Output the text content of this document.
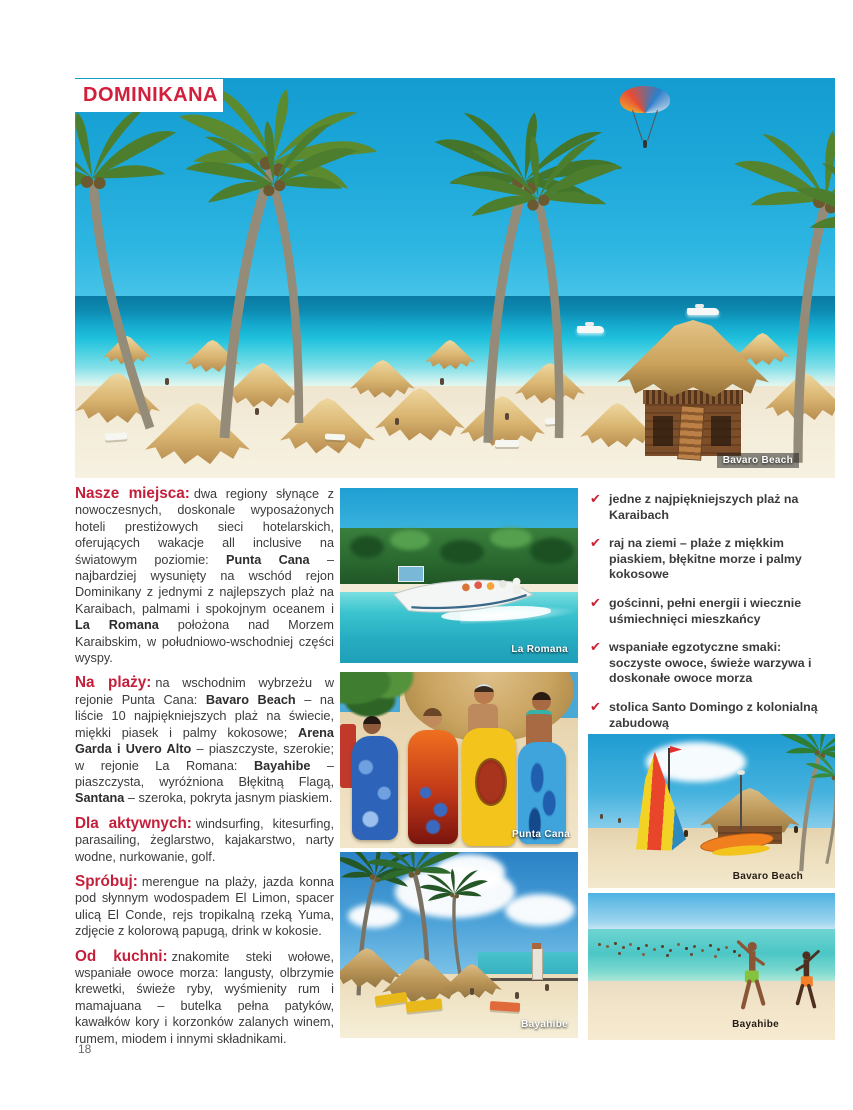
DOMINIKANA
Bavaro Beach

Nasze miejsca: dwa regiony słynące z nowoczesnych, doskonale wyposażonych hoteli prestiżowych sieci hotelarskich, oferujących wakacje all inclusive na światowym poziomie: Punta Cana – najbardziej wysunięty na wschód rejon Dominikany z jednymi z najlepszych plaż na Karaibach, palmami i spokojnym oceanem i La Romana położona nad Morzem Karaibskim, w południowo-wschodniej części wyspy.

Na plaży: na wschodnim wybrzeżu w rejonie Punta Cana: Bavaro Beach – na liście 10 najpiękniejszych plaż na świecie, miękki piasek i palmy kokosowe; Arena Garda i Uvero Alto – piaszczyste, szerokie; w rejonie La Romana: Bayahibe – piaszczysta, wyróżniona Błękitną Flagą, Santana – szeroka, pokryta jasnym piaskiem.

Dla aktywnych: windsurfing, kitesurfing, parasailing, żeglarstwo, kajakarstwo, narty wodne, nurkowanie, golf.

Spróbuj: merengue na plaży, jazda konna pod słynnym wodospadem El Limon, spacer ulicą El Conde, rejs tropikalną rzeką Yuma, zdjęcie z kolorową papugą, drink w kokosie.

Od kuchni: znakomite steki wołowe, wspaniałe owoce morza: langusty, olbrzymie krewetki, świeże ryby, wyśmienity rum i mamajuana – butelka pełna patyków, kawałków kory i korzonków zalanych winem, rumem, miodem i innymi składnikami.

18
La Romana
Punta Cana
Bayahibe
✔ jedne z najpiękniejszych plaż na Karaibach
✔ raj na ziemi – plaże z miękkim piaskiem, błękitne morze i palmy kokosowe
✔ gościnni, pełni energii i wiecznie uśmiechnięci mieszkańcy
✔ wspaniałe egzotyczne smaki: soczyste owoce, świeże warzywa i doskonałe owoce morza
✔ stolica Santo Domingo z kolonialną zabudową
Bavaro Beach
Bayahibe
